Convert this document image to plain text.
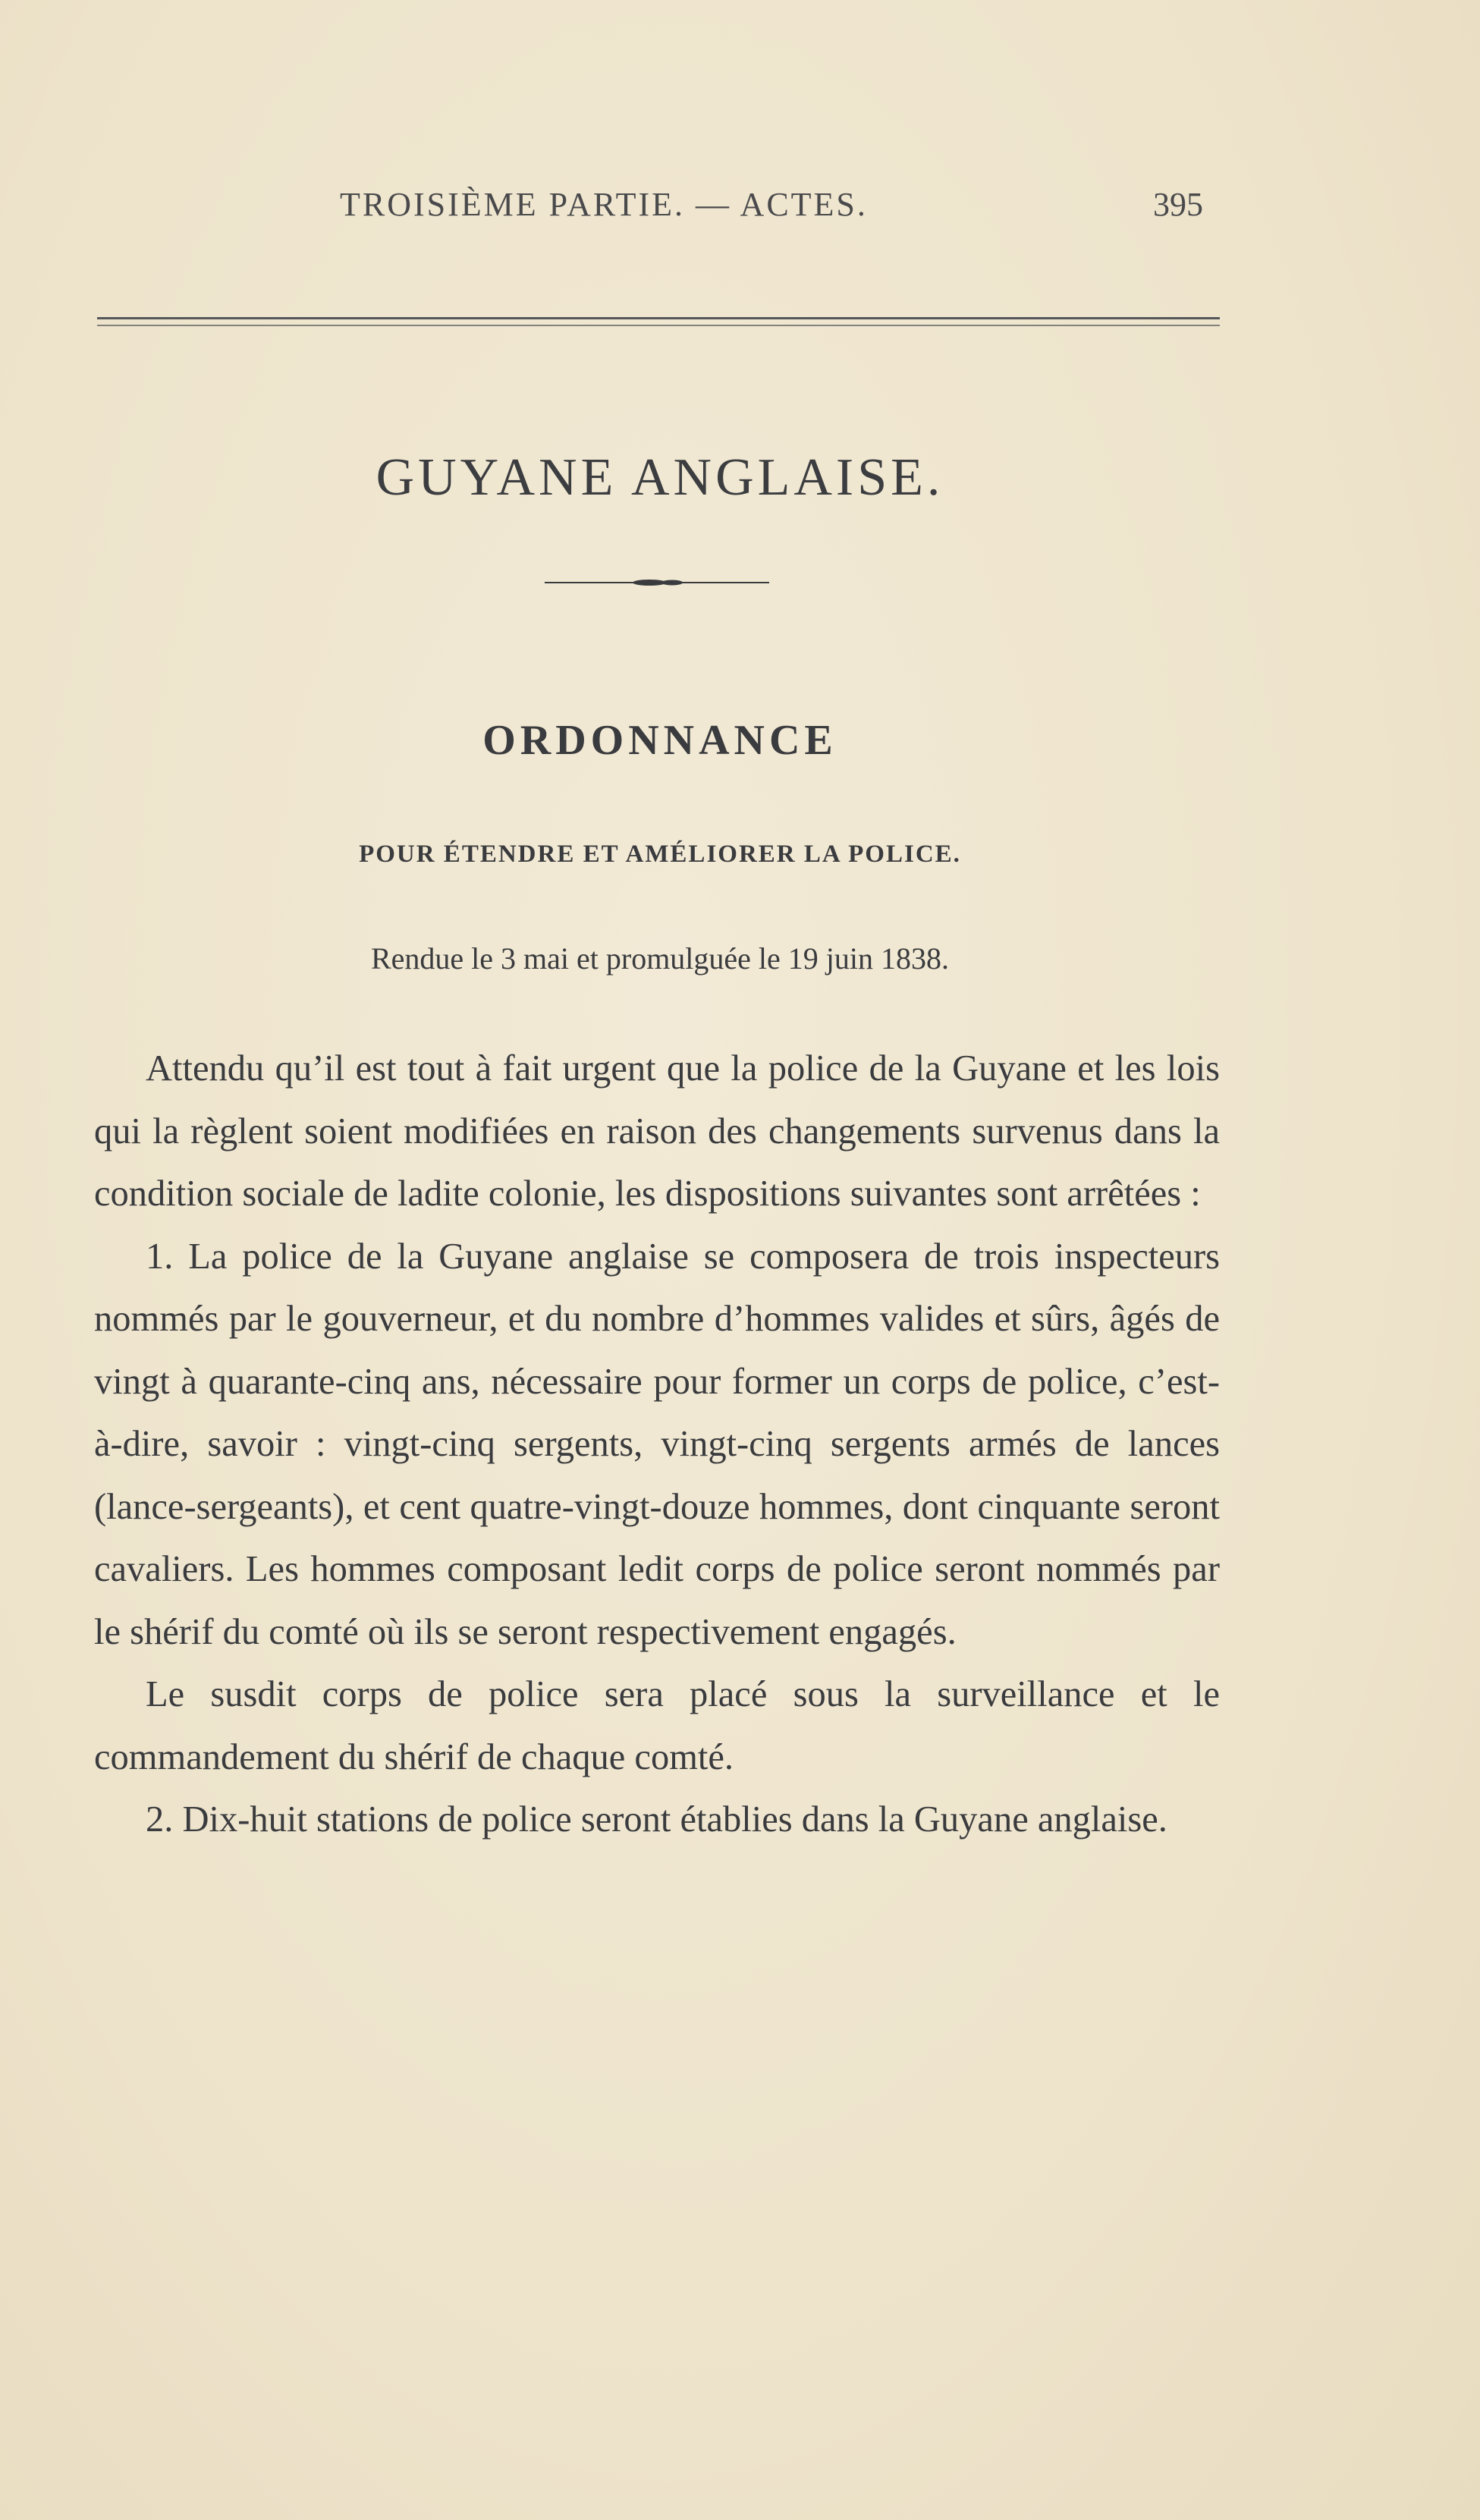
TROISIÈME PARTIE. — ACTES.	395
GUYANE ANGLAISE.
ORDONNANCE
POUR ÉTENDRE ET AMÉLIORER LA POLICE.
Rendue le 3 mai et promulguée le 19 juin 1838.

Attendu qu’il est tout à fait urgent que la police de la Guyane et les lois qui la règlent soient modifiées en raison des changements survenus dans la condition sociale de ladite colonie, les dispositions suivantes sont arrêtées :

1. La police de la Guyane anglaise se composera de trois inspecteurs nommés par le gouverneur, et du nombre d’hommes valides et sûrs, âgés de vingt à quarante-cinq ans, nécessaire pour former un corps de police, c’est-à-dire, savoir : vingt-cinq sergents, vingt-cinq sergents armés de lances (lance-sergeants), et cent quatre-vingt-douze hommes, dont cinquante seront cavaliers. Les hommes composant ledit corps de police seront nommés par le shérif du comté où ils se seront respectivement engagés.

Le susdit corps de police sera placé sous la surveillance et le commandement du shérif de chaque comté.

2. Dix-huit stations de police seront établies dans la Guyane anglaise.
